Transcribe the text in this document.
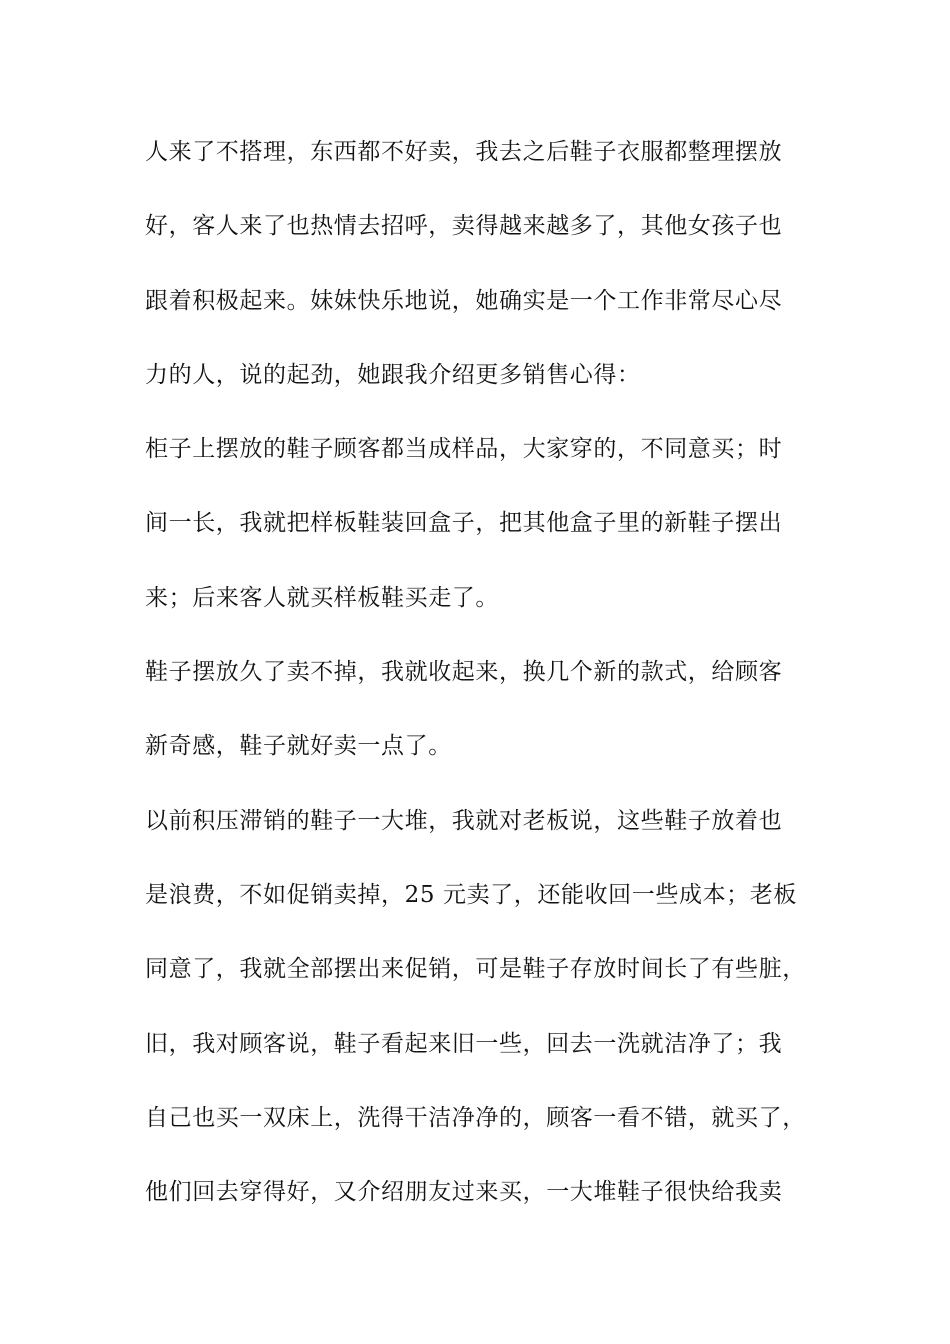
人来了不搭理，东西都不好卖，我去之后鞋子衣服都整理摆放
好，客人来了也热情去招呼，卖得越来越多了，其他女孩子也
跟着积极起来。妹妹快乐地说，她确实是一个工作非常尽心尽
力的人，说的起劲，她跟我介绍更多销售心得：
柜子上摆放的鞋子顾客都当成样品，大家穿的，不同意买；时
间一长，我就把样板鞋装回盒子，把其他盒子里的新鞋子摆出
来；后来客人就买样板鞋买走了。
鞋子摆放久了卖不掉，我就收起来，换几个新的款式，给顾客
新奇感，鞋子就好卖一点了。
以前积压滞销的鞋子一大堆，我就对老板说，这些鞋子放着也
是浪费，不如促销卖掉，25 元卖了，还能收回一些成本；老板
同意了，我就全部摆出来促销，可是鞋子存放时间长了有些脏，
旧，我对顾客说，鞋子看起来旧一些，回去一洗就洁净了；我
自己也买一双床上，洗得干洁净净的，顾客一看不错，就买了，
他们回去穿得好，又介绍朋友过来买，一大堆鞋子很快给我卖
